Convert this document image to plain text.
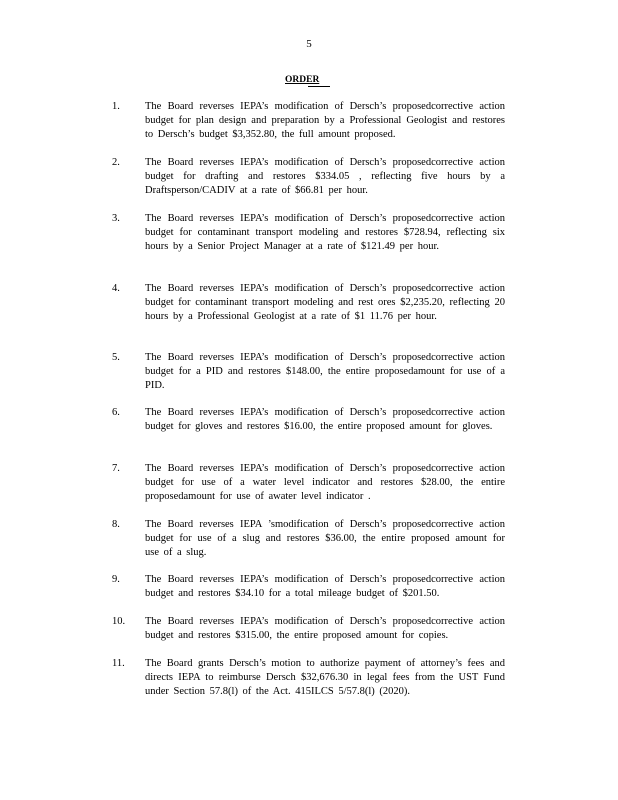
5
ORDER
1.	The Board reverses IEPA’s modification of Dersch’s proposedcorrective action budget for plan design and preparation by a Professional Geologist and restores to Dersch’s budget $3,352.80, the full amount proposed.
2.	The Board reverses IEPA’s modification of Dersch’s proposedcorrective action budget for drafting and restores $334.05 , reflecting five hours by a Draftsperson/CADIV at a rate of $66.81 per hour.
3.	The Board reverses IEPA’s modification of Dersch’s proposedcorrective action budget for contaminant transport modeling and restores $728.94, reflecting six hours by a Senior Project Manager at a rate of $121.49 per hour.
4.	The Board reverses IEPA’s modification of Dersch’s proposedcorrective action budget for contaminant transport modeling and rest ores $2,235.20, reflecting 20 hours by a Professional Geologist at a rate of $1 11.76 per hour.
5.	The Board reverses IEPA’s modification of Dersch’s proposedcorrective action budget for a PID and restores $148.00, the entire proposedamount for use of a PID.
6.	The Board reverses IEPA’s modification of Dersch’s proposedcorrective action budget for gloves and restores $16.00, the entire proposed amount for gloves.
7.	The Board reverses IEPA’s modification of Dersch’s proposedcorrective action budget for use of a water level indicator and restores $28.00, the entire proposedamount for use of awater level indicator .
8.	The Board reverses IEPA ’smodification of Dersch’s proposedcorrective action budget for use of a slug and restores $36.00, the entire proposed amount for use of a slug.
9.	The Board reverses IEPA’s modification of Dersch’s proposedcorrective action budget and restores $34.10 for a total mileage budget of $201.50.
10.	The Board reverses IEPA’s modification of Dersch’s proposedcorrective action budget and restores $315.00, the entire proposed amount for copies.
11.	The Board grants Dersch’s motion to authorize payment of attorney’s fees and directs IEPA to reimburse Dersch $32,676.30 in legal fees from the UST Fund under Section 57.8(l) of the Act. 415ILCS 5/57.8(l) (2020).
